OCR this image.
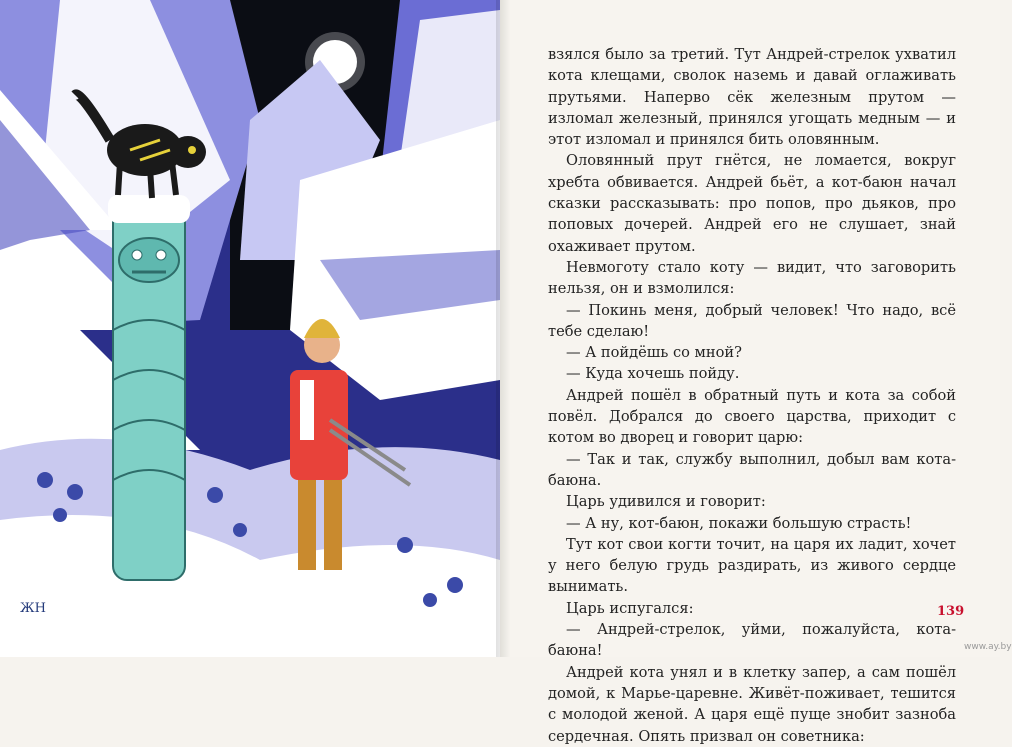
ЖН

взялся было за третий. Тут Андрей-стрелок ухватил кота клещами, сволок наземь и давай оглаживать прутьями. Напервo сёк железным прутом — изломал железный, принялся угощать медным — и этот изломал и принялся бить оловянным.

Оловянный прут гнётся, не ломается, вокруг хребта обвивается. Андрей бьёт, а кот-баюн начал сказки рассказывать: про попов, про дьяков, про поповых дочерей. Андрей его не слушает, знай охаживает прутом.

Невмоготу стало коту — видит, что заговорить нельзя, он и взмолился:

— Покинь меня, добрый человек! Что надо, всё тебе сделаю!

— А пойдёшь со мной?

— Куда хочешь пойду.

Андрей пошёл в обратный путь и кота за собой повёл. Добрался до своего царства, приходит с котом во дворец и говорит царю:

— Так и так, службу выполнил, добыл вам кота-баюна.

Царь удивился и говорит:

— А ну, кот-баюн, покажи большую страсть!

Тут кот свои когти точит, на царя их ладит, хочет у него белую грудь раздирать, из живого сердце вынимать.

Царь испугался:

— Андрей-стрелок, уйми, пожалуйста, кота-баюна!

Андрей кота унял и в клетку запер, а сам пошёл домой, к Марье-царевне. Живёт-поживает, тешится с молодой женой. А царя ещё пуще знобит зазноба сердечная. Опять призвал он советника:

139
www.ay.by
